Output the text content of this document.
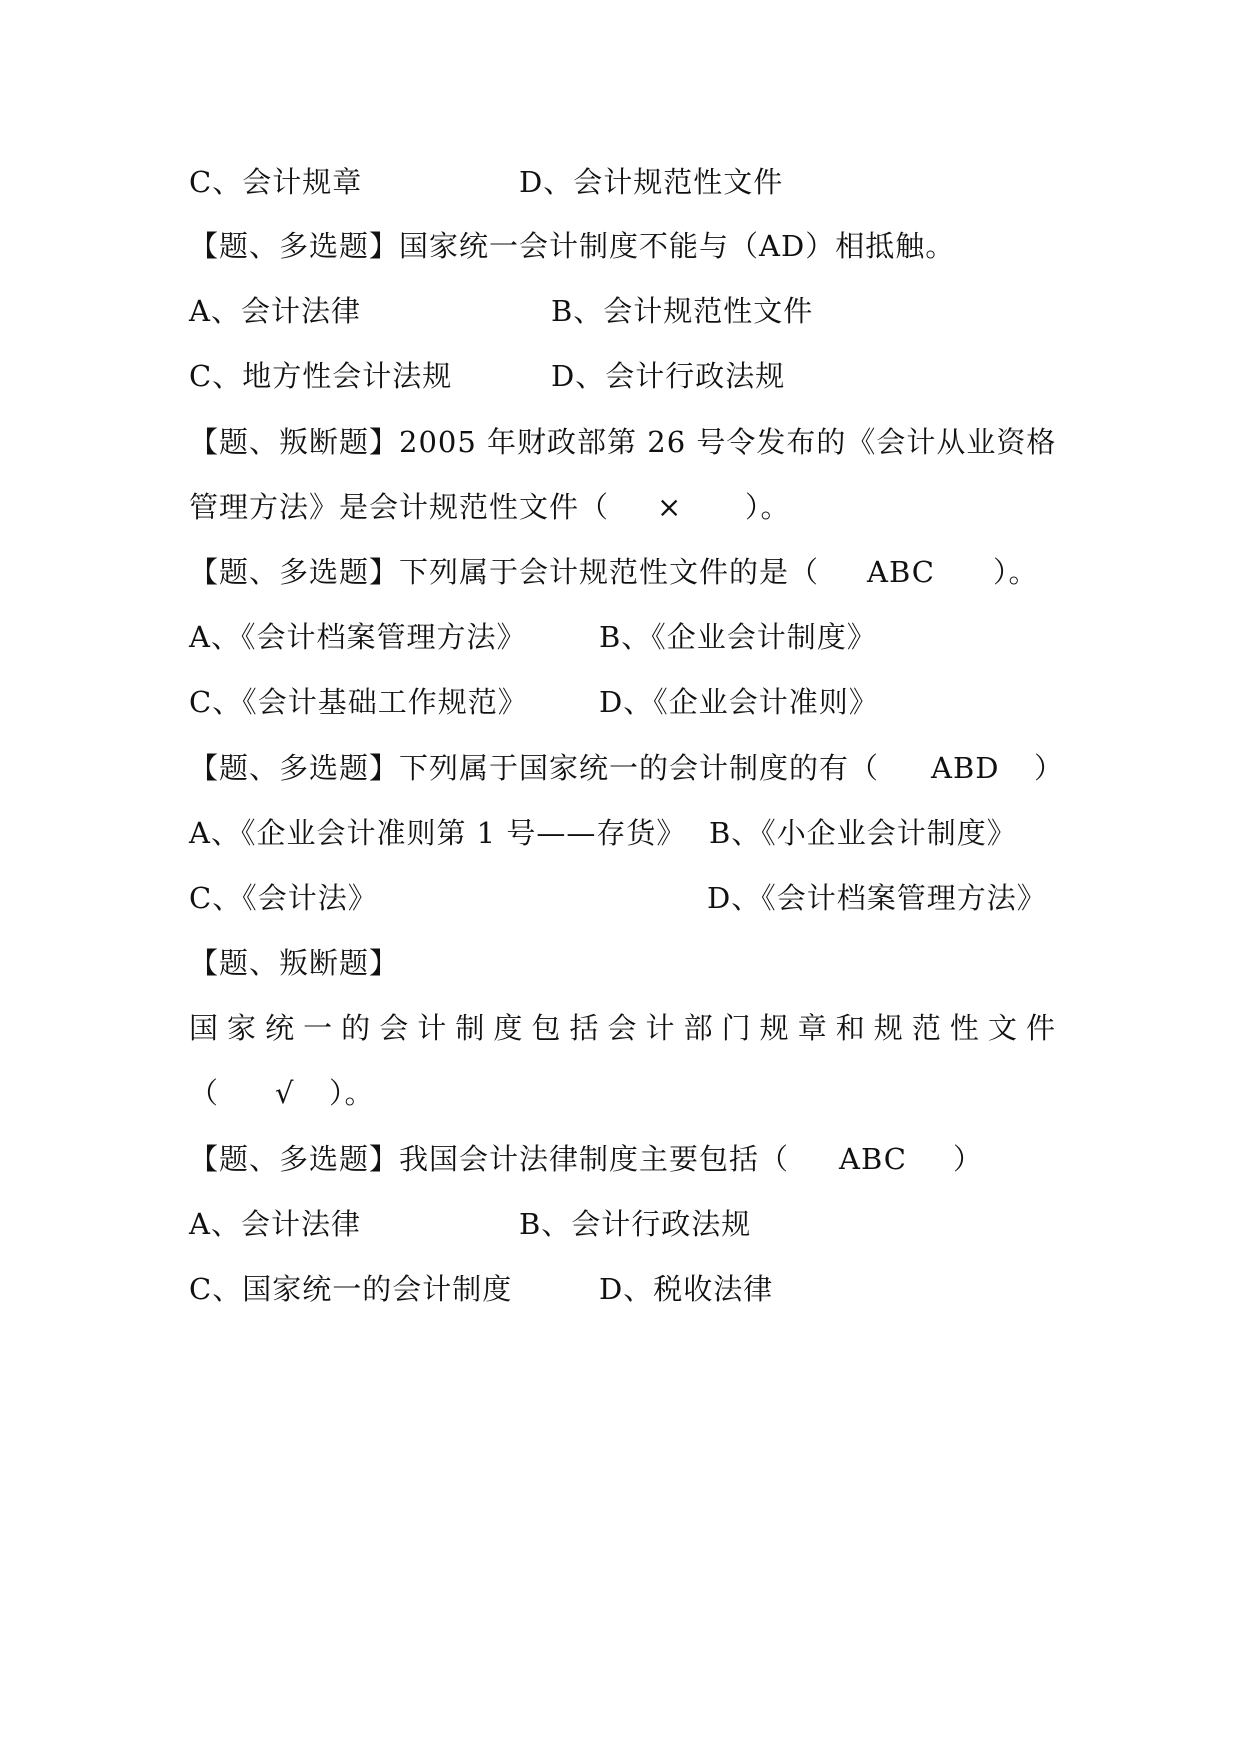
C、会计规章	D、会计规范性文件
【题、多选题】国家统一会计制度不能与（AD）相抵触。
A、会计法律	B、会计规范性文件
C、地方性会计法规	D、会计行政法规
【题、叛断题】2005 年财政部第 26 号令发布的《会计从业资格
管理方法》是会计规范性文件（ × ）。
【题、多选题】下列属于会计规范性文件的是（ ABC ）。
A、《会计档案管理方法》	B、《企业会计制度》
C、《会计基础工作规范》 D、《企业会计准则》
【题、多选题】下列属于国家统一的会计制度的有（ ABD ）
A、《企业会计准则第 1 号——存货》 B、《小企业会计制度》
C、《会计法》	D、《会计档案管理方法》
【题、叛断题】
国家统一的会计制度包括会计部门规章和规范性文件
（ √ ）。
【题、多选题】我国会计法律制度主要包括（ ABC ）
A、会计法律	B、会计行政法规
C、国家统一的会计制度	D、税收法律
